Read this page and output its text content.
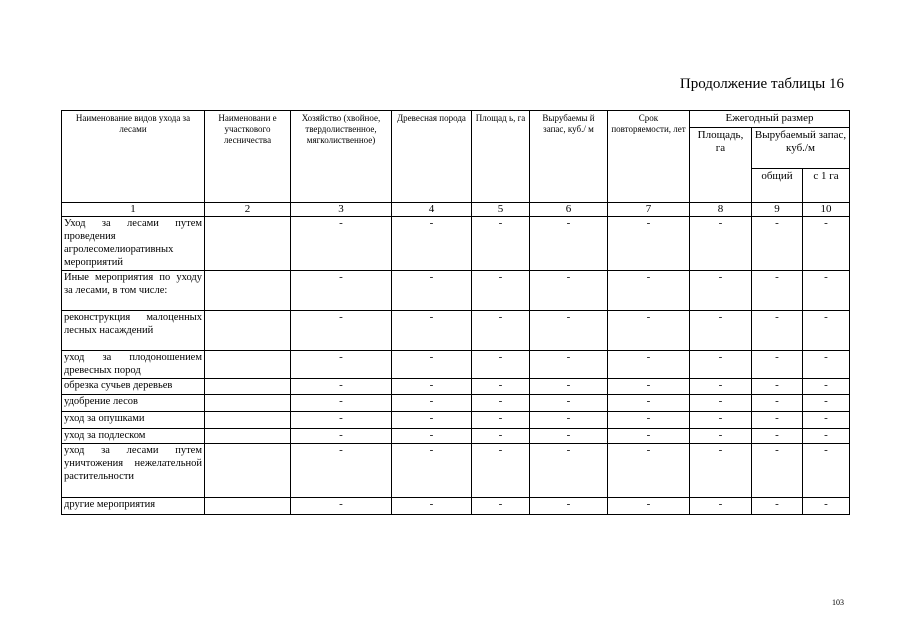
Продолжение таблицы 16
Наименование видов ухода за лесами	Наименовани е участкового лесничества	Хозяйство (хвойное, твердолиственное, мягколиственное)	Древесная порода	Площад ь, га	Вырубаемы й запас, куб./ м	Срок повторяемости, лет	Ежегодный размер		
							Площадь, га	Вырубаемый запас, куб./м	
								общий	с 1 га
1	2	3	4	5	6	7	8	9	10
Уход за лесами путем проведения агролесомелиоративных мероприятий		-	-	-	-	-	-	-	-
Иные мероприятия по уходу за лесами, в том числе:		-	-	-	-	-	-	-	-
реконструкция малоценных лесных насаждений		-	-	-	-	-	-	-	-
уход за плодоношением древесных пород		-	-	-	-	-	-	-	-
обрезка сучьев деревьев		-	-	-	-	-	-	-	-
удобрение лесов		-	-	-	-	-	-	-	-
уход за опушками		-	-	-	-	-	-	-	-
уход за подлеском		-	-	-	-	-	-	-	-
уход за лесами путем уничтожения нежелательной растительности		-	-	-	-	-	-	-	-
другие мероприятия		-	-	-	-	-	-	-	-
103
